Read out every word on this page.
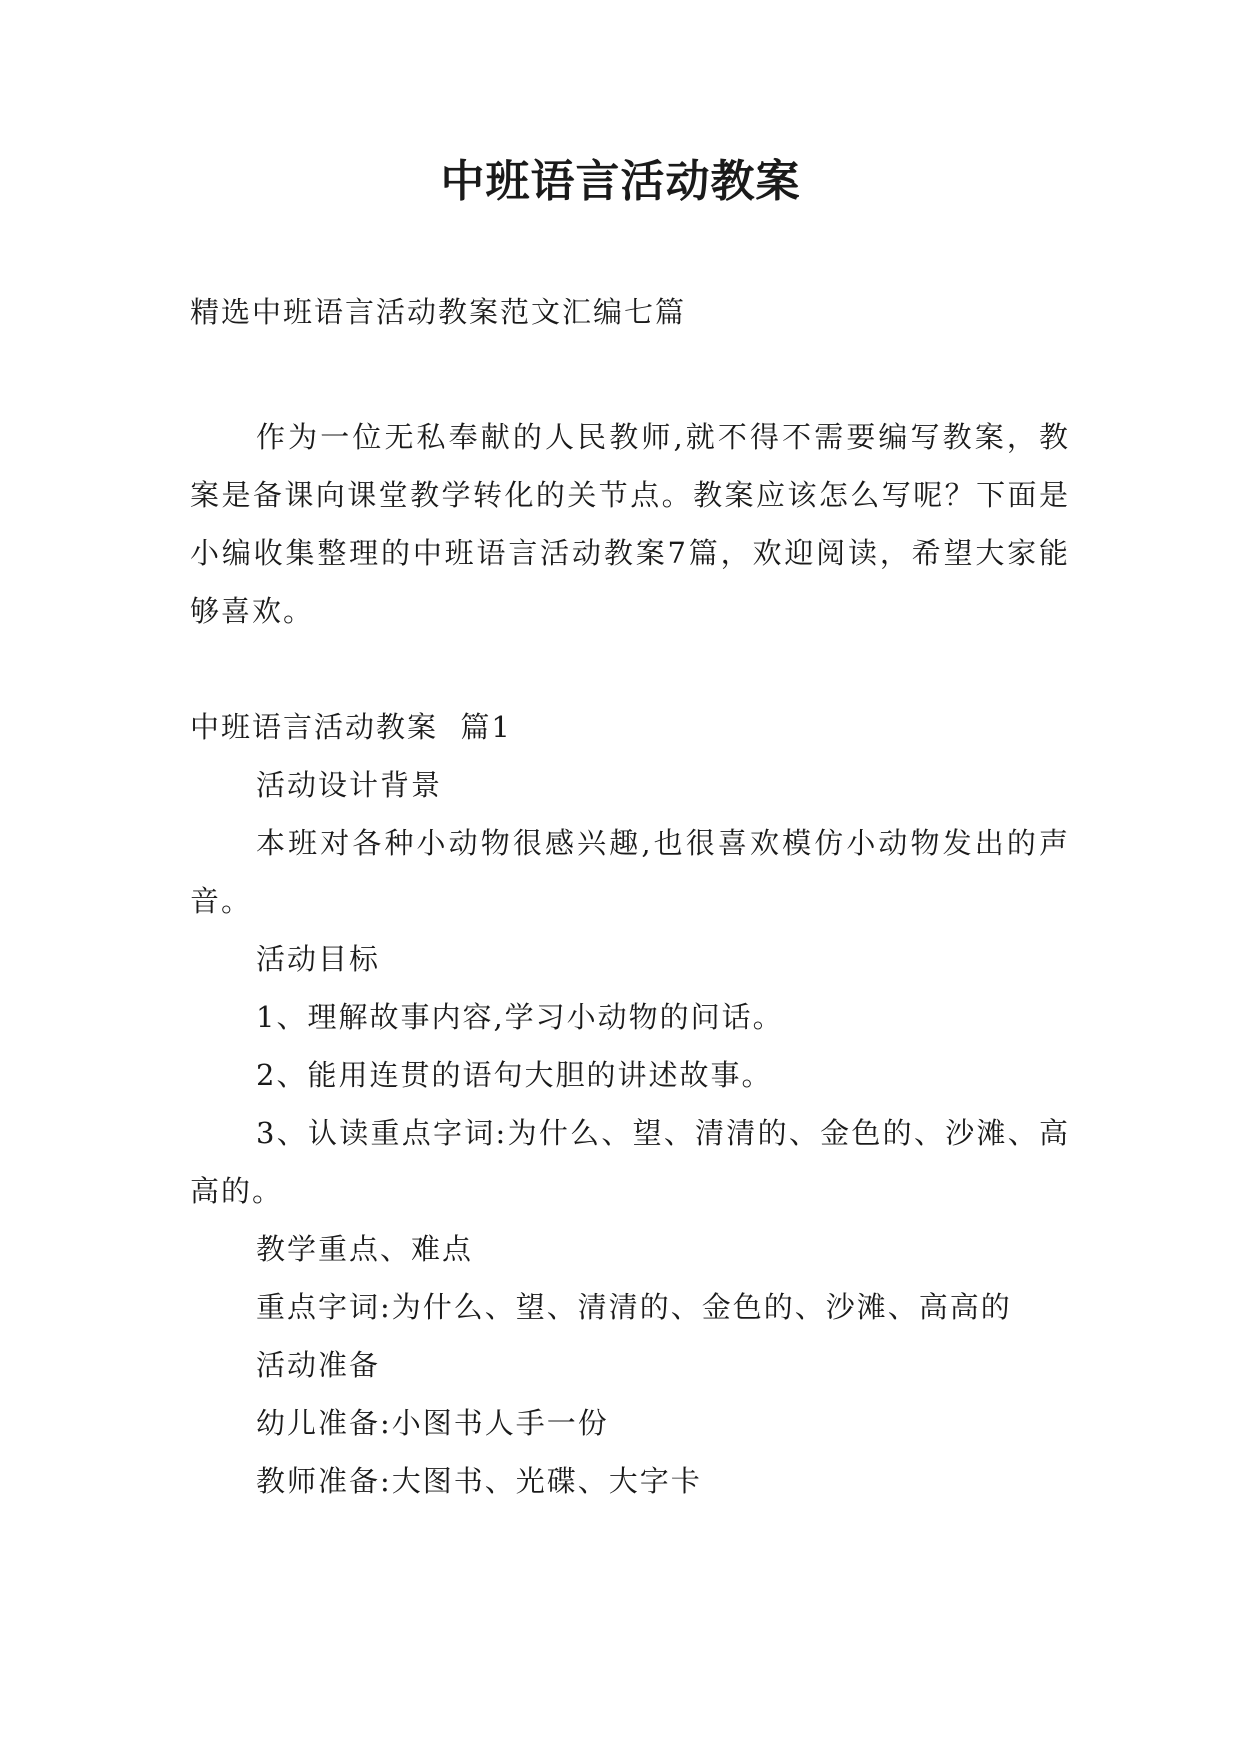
中班语言活动教案
精选中班语言活动教案范文汇编七篇

作为一位无私奉献的人民教师,就不得不需要编写教案，教案是备课向课堂教学转化的关节点。教案应该怎么写呢？下面是小编收集整理的中班语言活动教案7篇，欢迎阅读，希望大家能够喜欢。

中班语言活动教案  篇1

活动设计背景

本班对各种小动物很感兴趣,也很喜欢模仿小动物发出的声音。

活动目标

1、理解故事内容,学习小动物的问话。

2、能用连贯的语句大胆的讲述故事。

3、认读重点字词:为什么、望、清清的、金色的、沙滩、高高的。

教学重点、难点

重点字词:为什么、望、清清的、金色的、沙滩、高高的

活动准备

幼儿准备:小图书人手一份

教师准备:大图书、光碟、大字卡
